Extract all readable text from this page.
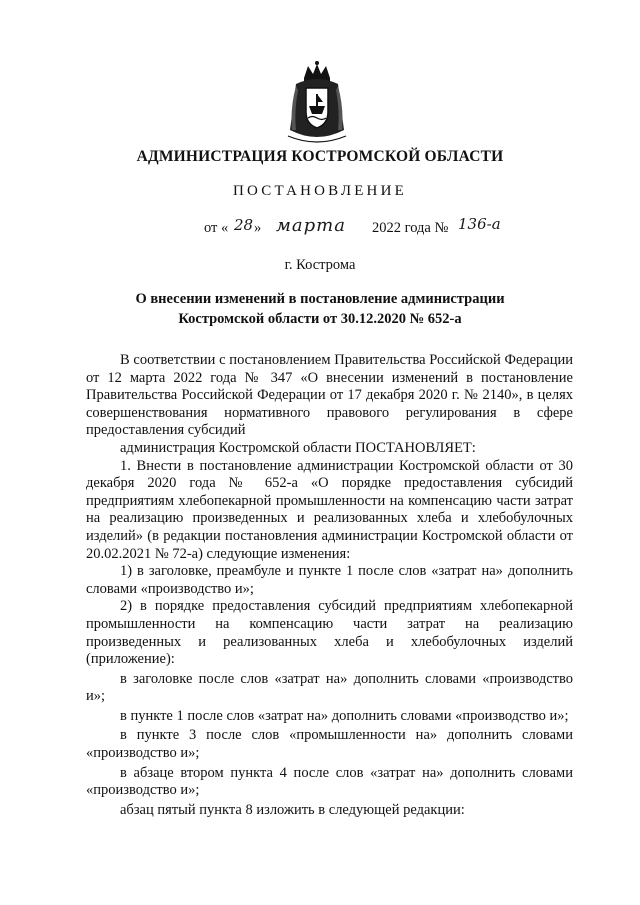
АДМИНИСТРАЦИЯ КОСТРОМСКОЙ ОБЛАСТИ
ПОСТАНОВЛЕНИЕ
от « 28 » марта 2022 года № 136-а
г. Кострома
О внесении изменений в постановление администрации
Костромской области от 30.12.2020 № 652-а

В соответствии с постановлением Правительства Российской Федерации от 12 марта 2022 года № 347 «О внесении изменений в постановление Правительства Российской Федерации от 17 декабря 2020 г. № 2140», в целях совершенствования нормативного правового регулирования в сфере предоставления субсидий

администрация Костромской области ПОСТАНОВЛЯЕТ:

1. Внести в постановление администрации Костромской области от 30 декабря 2020 года № 652-а «О порядке предоставления субсидий предприятиям хлебопекарной промышленности на компенсацию части затрат на реализацию произведенных и реализованных хлеба и хлебобулочных изделий» (в редакции постановления администрации Костромской области от 20.02.2021 № 72-а) следующие изменения:

1) в заголовке, преамбуле и пункте 1 после слов «затрат на» дополнить словами «производство и»;

2) в порядке предоставления субсидий предприятиям хлебопекарной промышленности на компенсацию части затрат на реализацию произведенных и реализованных хлеба и хлебобулочных изделий (приложение):

в заголовке после слов «затрат на» дополнить словами «производство и»;

в пункте 1 после слов «затрат на» дополнить словами «производство и»;

в пункте 3 после слов «промышленности на» дополнить словами «производство и»;

в абзаце втором пункта 4 после слов «затрат на» дополнить словами «производство и»;

абзац пятый пункта 8 изложить в следующей редакции:
